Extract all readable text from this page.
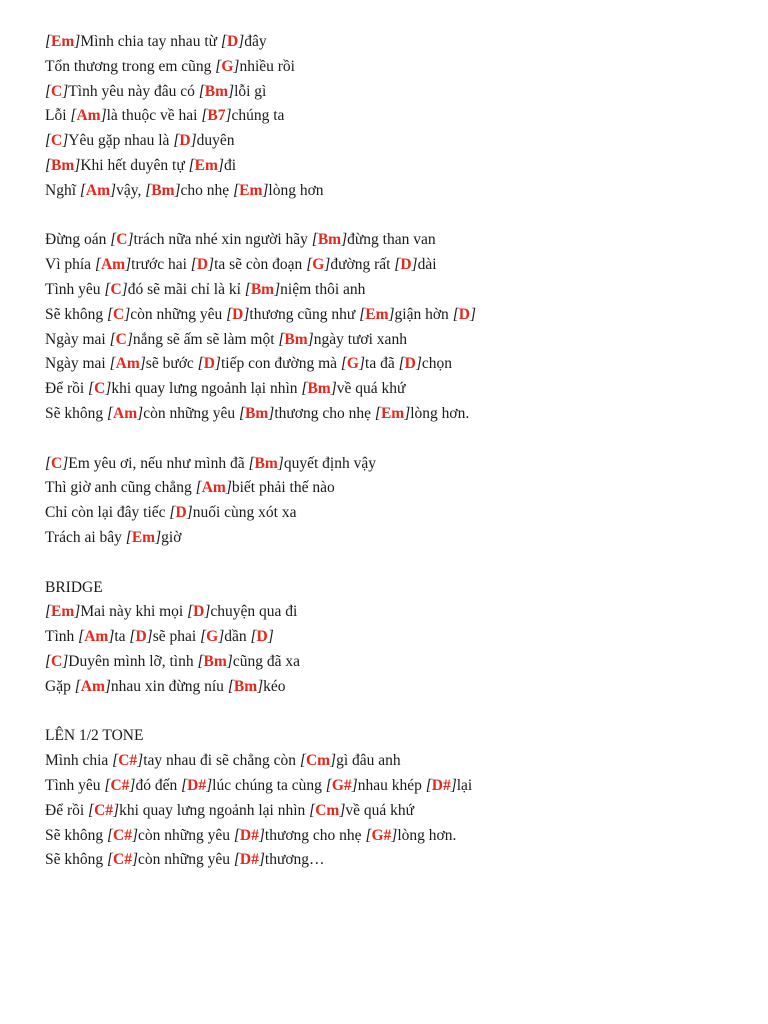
[Em]Mình chia tay nhau từ [D]đây
Tổn thương trong em cũng [G]nhiều rồi
[C]Tình yêu này đâu có [Bm]lỗi gì
Lỗi [Am]là thuộc về hai [B7]chúng ta
[C]Yêu gặp nhau là [D]duyên
[Bm]Khi hết duyên tự [Em]đi
Nghĩ [Am]vậy, [Bm]cho nhẹ [Em]lòng hơn
Đừng oán [C]trách nữa nhé xin người hãy [Bm]đừng than van
Vì phía [Am]trước hai [D]ta sẽ còn đoạn [G]đường rất [D]dài
Tình yêu [C]đó sẽ mãi chỉ là kỉ [Bm]niệm thôi anh
Sẽ không [C]còn những yêu [D]thương cũng như [Em]giận hờn [D]
Ngày mai [C]nắng sẽ ấm sẽ làm một [Bm]ngày tươi xanh
Ngày mai [Am]sẽ bước [D]tiếp con đường mà [G]ta đã [D]chọn
Để rồi [C]khi quay lưng ngoảnh lại nhìn [Bm]về quá khứ
Sẽ không [Am]còn những yêu [Bm]thương cho nhẹ [Em]lòng hơn.
[C]Em yêu ơi, nếu như mình đã [Bm]quyết định vậy
Thì giờ anh cũng chẳng [Am]biết phải thế nào
Chỉ còn lại đây tiếc [D]nuối cùng xót xa
Trách ai bây [Em]giờ
BRIDGE
[Em]Mai này khi mọi [D]chuyện qua đi
Tình [Am]ta [D]sẽ phai [G]dần [D]
[C]Duyên mình lỡ, tình [Bm]cũng đã xa
Gặp [Am]nhau xin đừng níu [Bm]kéo
LÊN 1/2 TONE
Mình chia [C#]tay nhau đi sẽ chẳng còn [Cm]gì đâu anh
Tình yêu [C#]đó đến [D#]lúc chúng ta cùng [G#]nhau khép [D#]lại
Để rồi [C#]khi quay lưng ngoảnh lại nhìn [Cm]về quá khứ
Sẽ không [C#]còn những yêu [D#]thương cho nhẹ [G#]lòng hơn.
Sẽ không [C#]còn những yêu [D#]thương…
